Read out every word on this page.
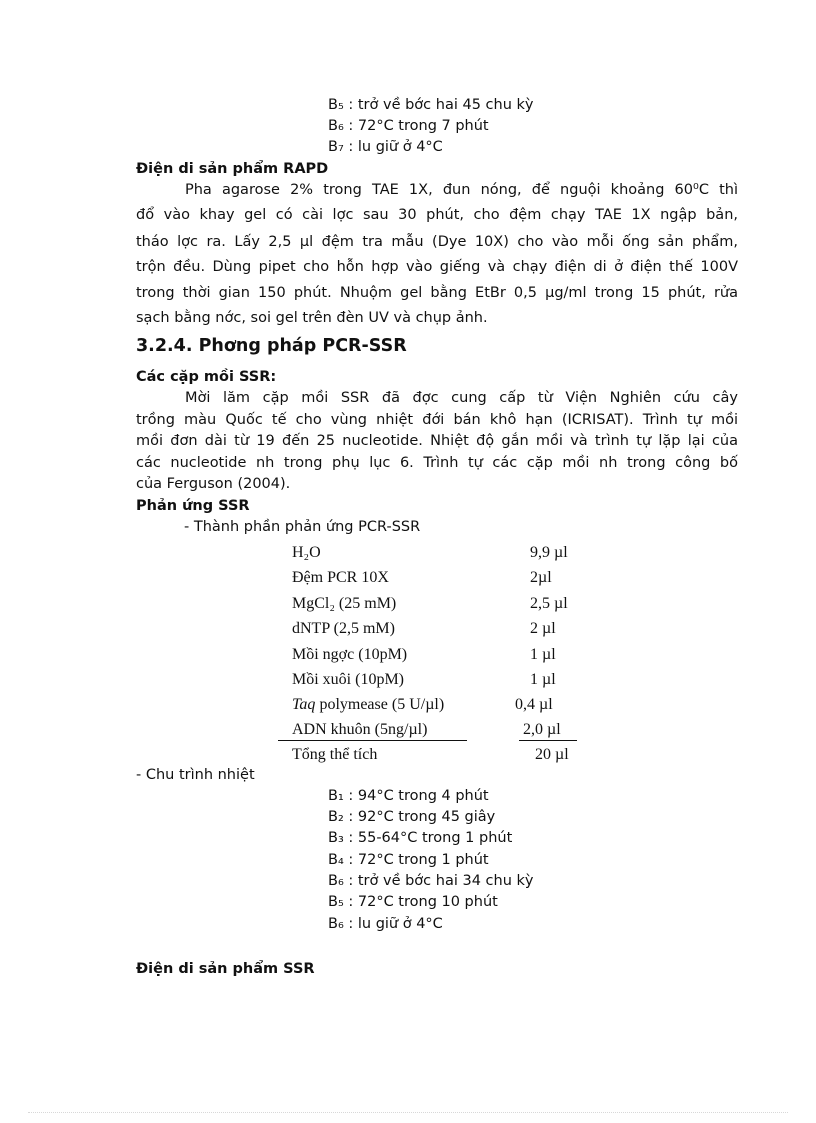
B₅ : trở về bớc hai 45 chu kỳ
B₆ : 72°C trong 7 phút
B₇ : lu giữ ở 4°C
Điện di sản phẩm RAPD
Pha agarose 2% trong TAE 1X, đun nóng, để nguội khoảng 60⁰C thì
đổ vào khay gel có cài lợc sau 30 phút, cho đệm chạy TAE 1X ngập bản,
tháo lợc ra. Lấy 2,5 µl đệm tra mẫu (Dye 10X) cho vào mỗi ống sản phẩm,
trộn đều. Dùng pipet cho hỗn hợp vào giếng và chạy điện di ở điện thế 100V
trong thời gian 150 phút. Nhuộm gel bằng EtBr 0,5 µg/ml trong 15 phút, rửa
sạch bằng nớc, soi gel trên đèn UV và chụp ảnh.
3.2.4. Phơng pháp PCR-SSR
Các cặp mồi SSR:
Mời lăm cặp mồi SSR đã đợc cung cấp từ Viện Nghiên cứu cây
trồng màu Quốc tế cho vùng nhiệt đới bán khô hạn (ICRISAT). Trình tự mồi
mồi đơn dài từ 19 đến 25 nucleotide. Nhiệt độ gắn mồi và trình tự lặp lại của
các nucleotide nh trong phụ lục 6. Trình tự các cặp mồi nh trong công bố
của Ferguson (2004).
Phản ứng SSR
- Thành phần phản ứng PCR-SSR
H₂O	9,9 µl
Đệm PCR 10X	2µl
MgCl₂ (25 mM)	2,5 µl
dNTP (2,5 mM)	2 µl
Mồi ngợc (10pM)	1 µl
Mồi xuôi (10pM)	1 µl
Taq polymease (5 U/µl)	0,4 µl
ADN khuôn (5ng/µl)	2,0 µl
Tổng thể tích	20 µl
- Chu trình nhiệt
B₁ : 94°C trong 4 phút
B₂ : 92°C trong 45 giây
B₃ : 55-64°C trong 1 phút
B₄ : 72°C trong 1 phút
B₆ : trở về bớc hai 34 chu kỳ
B₅ : 72°C trong 10 phút
B₆ : lu giữ ở 4°C
Điện di sản phẩm SSR
